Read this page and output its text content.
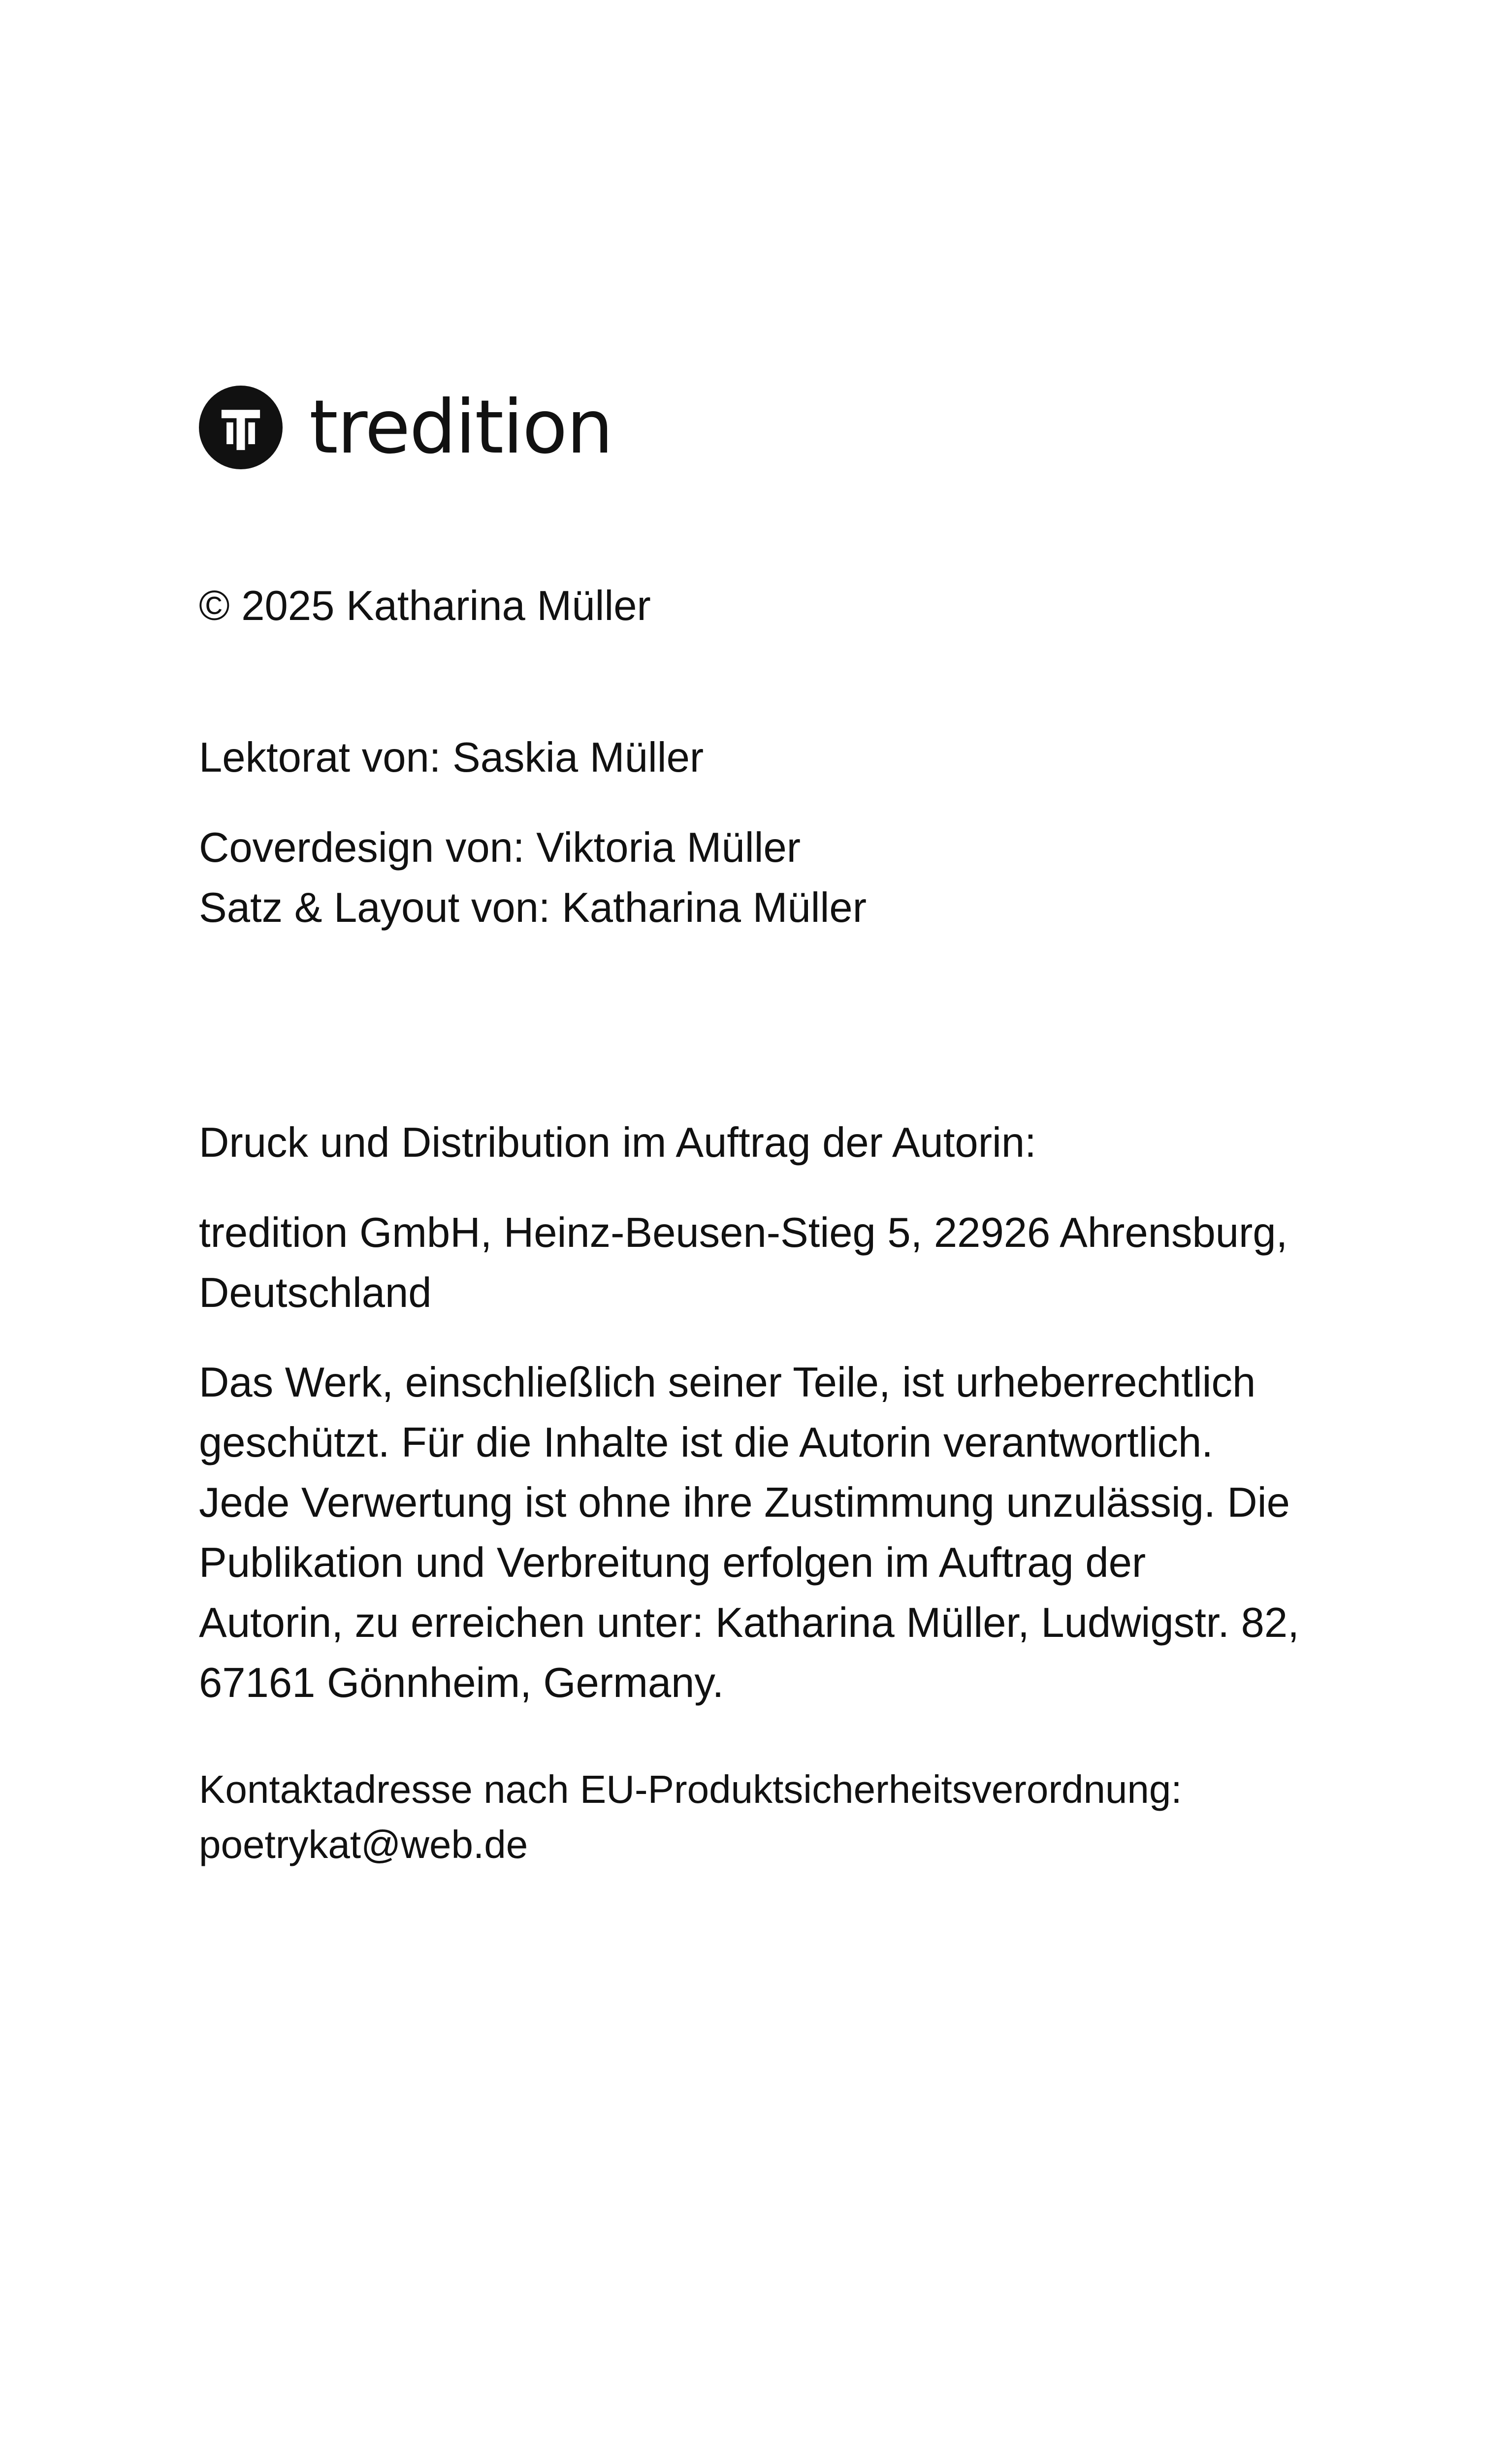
tredition

© 2025 Katharina Müller

Lektorat von: Saskia Müller

Coverdesign von: Viktoria Müller
Satz & Layout von: Katharina Müller

Druck und Distribution im Auftrag der Autorin:

tredition GmbH, Heinz-Beusen-Stieg 5, 22926 Ahrensburg,
Deutschland
Das Werk, einschließlich seiner Teile, ist urheberrechtlich
geschützt. Für die Inhalte ist die Autorin verantwortlich.
Jede Verwertung ist ohne ihre Zustimmung unzulässig. Die
Publikation und Verbreitung erfolgen im Auftrag der
Autorin, zu erreichen unter: Katharina Müller, Ludwigstr. 82,
67161 Gönnheim, Germany.
Kontaktadresse nach EU-Produktsicherheitsverordnung:
poetrykat@web.de
